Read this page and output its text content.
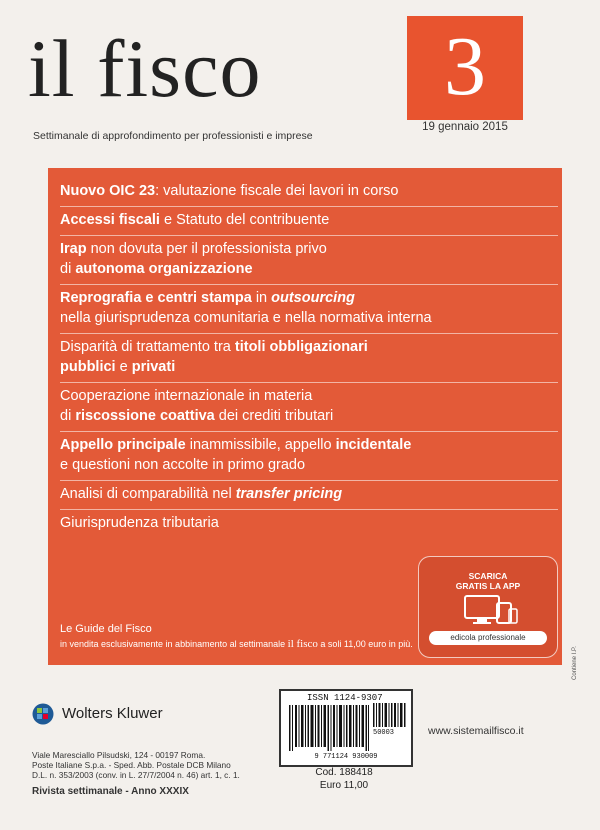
il fisco
Settimanale di approfondimento per professionisti e imprese
3
19 gennaio 2015
Nuovo OIC 23: valutazione fiscale dei lavori in corso
Accessi fiscali e Statuto del contribuente
Irap non dovuta per il professionista privo
di autonoma organizzazione
Reprografia e centri stampa in outsourcing
nella giurisprudenza comunitaria e nella normativa interna
Disparità di trattamento tra titoli obbligazionari
pubblici e privati
Cooperazione internazionale in materia
di riscossione coattiva dei crediti tributari
Appello principale inammissibile, appello incidentale
e questioni non accolte in primo grado
Analisi di comparabilità nel transfer pricing
Giurisprudenza tributaria
SCARICA
GRATIS LA APP
edicola professionale
Le Guide del Fisco
in vendita esclusivamente in abbinamento al settimanale il fisco a soli 11,00 euro in più.
Wolters Kluwer
Viale Maresciallo Pilsudski, 124 - 00197 Roma.
Poste Italiane S.p.a. - Sped. Abb. Postale DCB Milano
D.L. n. 353/2003 (conv. in L. 27/7/2004 n. 46) art. 1, c. 1.
Rivista settimanale - Anno XXXIX
ISSN 1124-9307
50003
9 771124 930009
Cod. 188418
Euro 11,00
www.sistemailfisco.it
Contiene I.P.
